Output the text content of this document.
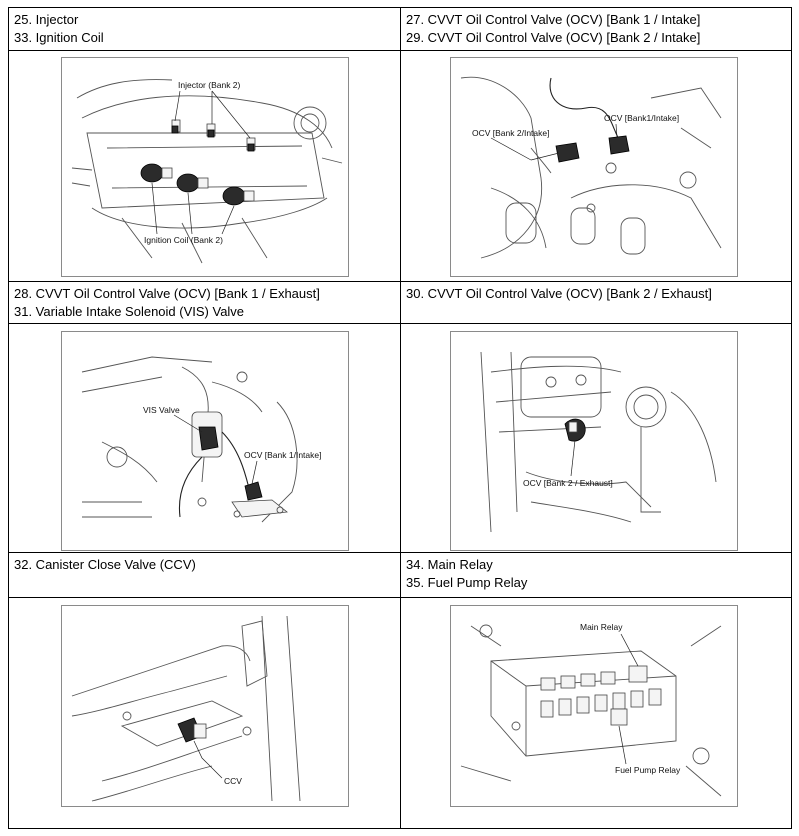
25. Injector
33. Ignition Coil
27. CVVT Oil Control Valve (OCV) [Bank 1 / Intake]
29. CVVT Oil Control Valve (OCV) [Bank 2 / Intake]
28. CVVT Oil Control Valve (OCV) [Bank 1 / Exhaust]
31. Variable Intake Solenoid (VIS) Valve
30. CVVT Oil Control Valve (OCV) [Bank 2 / Exhaust]
32. Canister Close Valve (CCV)	34. Main Relay
35. Fuel Pump Relay
Injector (Bank 2)
Ignition Coil (Bank 2)
OCV [Bank 2/Intake]
OCV [Bank1/Intake]
VIS Valve
OCV [Bank 1/Intake]
OCV [Bank 2 / Exhaust]
CCV
Main Relay
Fuel Pump Relay
